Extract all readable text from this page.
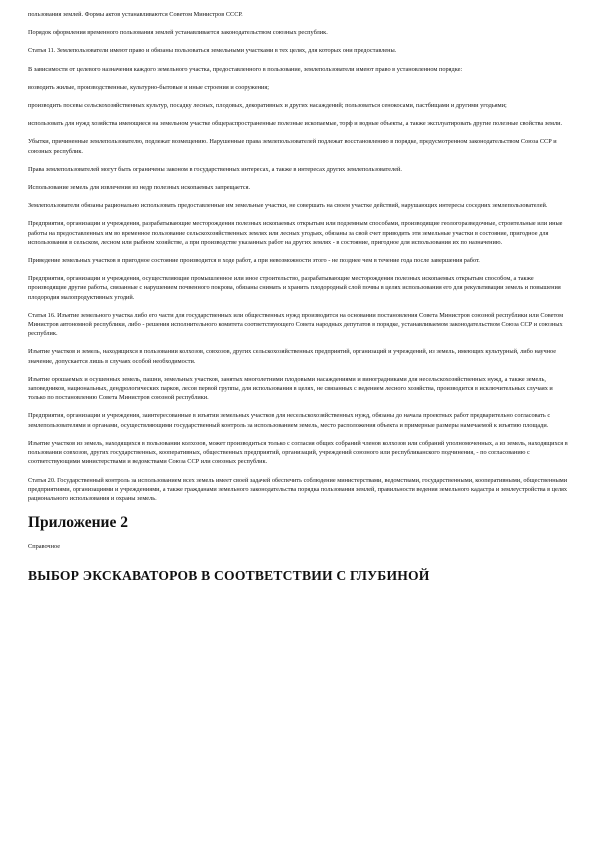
пользования землей. Формы актов устанавливаются Советом Министров СССР.

Порядок оформления временного пользования землей устанавливается законодательством союзных республик.

Статья 11. Землепользователи имеют право и обязаны пользоваться земельными участками в тех целях, для которых они предоставлены.

В зависимости от целевого назначения каждого земельного участка, предоставленного в пользование, землепользователи имеют право в установленном порядке:

возводить жилые, производственные, культурно-бытовые и иные строения и сооружения;

производить посевы сельскохозяйственных культур, посадку лесных, плодовых, декоративных и других насаждений; пользоваться сенокосами, пастбищами и другими угодьями;

использовать для нужд хозяйства имеющиеся на земельном участке общераспространенные полезные ископаемые, торф и водные объекты, а также эксплуатировать другие полезные свойства земли.

Убытки, причиненные землепользователю, подлежат возмещению. Нарушенные права землепользователей подлежат восстановлению в порядке, предусмотренном законодательством Союза ССР и союзных республик.

Права землепользователей могут быть ограничены законом в государственных интересах, а также в интересах других землепользователей.

Использование земель для извлечения из недр полезных ископаемых запрещается.

Землепользователи обязаны рационально использовать предоставленные им земельные участки, не совершать на своем участке действий, нарушающих интересы соседних землепользователей.

Предприятия, организации и учреждения, разрабатывающие месторождения полезных ископаемых открытым или подземным способами, производящие геологоразведочные, строительные или иные работы на предоставленных им во временное пользование сельскохозяйственных землях или лесных угодьях, обязаны за свой счет приводить эти земельные участки в состояние, пригодное для использования в сельском, лесном или рыбном хозяйстве, а при производстве указанных работ на других землях - в состояние, пригодное для использования их по назначению.

Приведение земельных участков в пригодное состояние производится в ходе работ, а при невозможности этого - не позднее чем в течение года после завершения работ.

Предприятия, организации и учреждения, осуществляющие промышленное или иное строительство, разрабатывающие месторождения полезных ископаемых открытым способом, а также производящие другие работы, связанные с нарушением почвенного покрова, обязаны снимать и хранить плодородный слой почвы в целях использования его для рекультивации земель и повышения плодородия малопродуктивных угодий.

Статья 16. Изъятие земельного участка либо его части для государственных или общественных нужд производится на основании постановления Совета Министров союзной республики или Советом Министров автономной республики, либо - решения исполнительного комитета соответствующего Совета народных депутатов в порядке, устанавливаемом законодательством Союза ССР и союзных республик.

Изъятие участков и земель, находящихся в пользовании колхозов, совхозов, других сельскохозяйственных предприятий, организаций и учреждений, из земель, имеющих культурный, либо научное значение, допускается лишь в случаях особой необходимости.

Изъятие орошаемых и осушенных земель, пашни, земельных участков, занятых многолетними плодовыми насаждениями и виноградниками для несельскохозяйственных нужд, а также земель, заповедников, национальных, дендрологических парков, лесов первой группы, для использования в целях, не связанных с ведением лесного хозяйства, производится в исключительных случаях и только по постановлению Совета Министров союзной республики.

Предприятия, организации и учреждения, заинтересованные в изъятии земельных участков для несельскохозяйственных нужд, обязаны до начала проектных работ предварительно согласовать с землепользователями и органами, осуществляющими государственный контроль за использованием земель, место расположения объекта и примерные размеры намечаемой к изъятию площади.

Изъятие участков из земель, находящихся в пользовании колхозов, может производиться только с согласия общих собраний членов колхозов или собраний уполномоченных, а из земель, находящихся в пользовании совхозов, других государственных, кооперативных, общественных предприятий, организаций, учреждений союзного или республиканского подчинения, - по согласованию с соответствующими министерствами и ведомствами Союза ССР или союзных республик.

Статья 20. Государственный контроль за использованием всех земель имеет своей задачей обеспечить соблюдение министерствами, ведомствами, государственными, кооперативными, общественными предприятиями, организациями и учреждениями, а также гражданами земельного законодательства порядка пользования землей, правильности ведения земельного кадастра и землеустройства в целях рационального использования и охраны земель.

Приложение 2

Справочное

ВЫБОР ЭКСКАВАТОРОВ В СООТВЕТСТВИИ С ГЛУБИНОЙ
